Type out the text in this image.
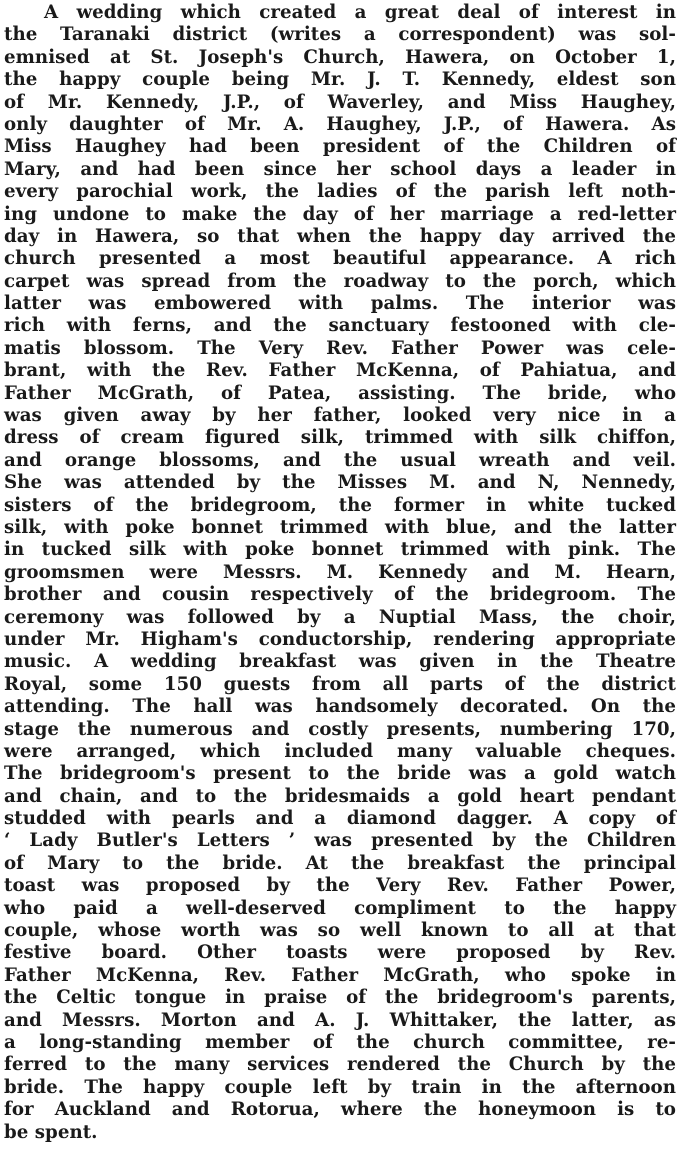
A wedding which created a great deal of interest in
the Taranaki district (writes a correspondent) was sol-
emnised at St. Joseph's Church, Hawera, on October 1,
the happy couple being Mr. J. T. Kennedy, eldest son
of Mr. Kennedy, J.P., of Waverley, and Miss Haughey,
only daughter of Mr. A. Haughey, J.P., of Hawera. As
Miss Haughey had been president of the Children of
Mary, and had been since her school days a leader in
every parochial work, the ladies of the parish left noth-
ing undone to make the day of her marriage a red-letter
day in Hawera, so that when the happy day arrived the
church presented a most beautiful appearance. A rich
carpet was spread from the roadway to the porch, which
latter was embowered with palms. The interior was
rich with ferns, and the sanctuary festooned with cle-
matis blossom. The Very Rev. Father Power was cele-
brant, with the Rev. Father McKenna, of Pahiatua, and
Father McGrath, of Patea, assisting. The bride, who
was given away by her father, looked very nice in a
dress of cream figured silk, trimmed with silk chiffon,
and orange blossoms, and the usual wreath and veil.
She was attended by the Misses M. and N, Nennedy,
sisters of the bridegroom, the former in white tucked
silk, with poke bonnet trimmed with blue, and the latter
in tucked silk with poke bonnet trimmed with pink. The
groomsmen were Messrs. M. Kennedy and M. Hearn,
brother and cousin respectively of the bridegroom. The
ceremony was followed by a Nuptial Mass, the choir,
under Mr. Higham's conductorship, rendering appropriate
music. A wedding breakfast was given in the Theatre
Royal, some 150 guests from all parts of the district
attending. The hall was handsomely decorated. On the
stage the numerous and costly presents, numbering 170,
were arranged, which included many valuable cheques.
The bridegroom's present to the bride was a gold watch
and chain, and to the bridesmaids a gold heart pendant
studded with pearls and a diamond dagger. A copy of
‘ Lady Butler's Letters ’ was presented by the Children
of Mary to the bride. At the breakfast the principal
toast was proposed by the Very Rev. Father Power,
who paid a well-deserved compliment to the happy
couple, whose worth was so well known to all at that
festive board. Other toasts were proposed by Rev.
Father McKenna, Rev. Father McGrath, who spoke in
the Celtic tongue in praise of the bridegroom's parents,
and Messrs. Morton and A. J. Whittaker, the latter, as
a long-standing member of the church committee, re-
ferred to the many services rendered the Church by the
bride. The happy couple left by train in the afternoon
for Auckland and Rotorua, where the honeymoon is to
be spent.
